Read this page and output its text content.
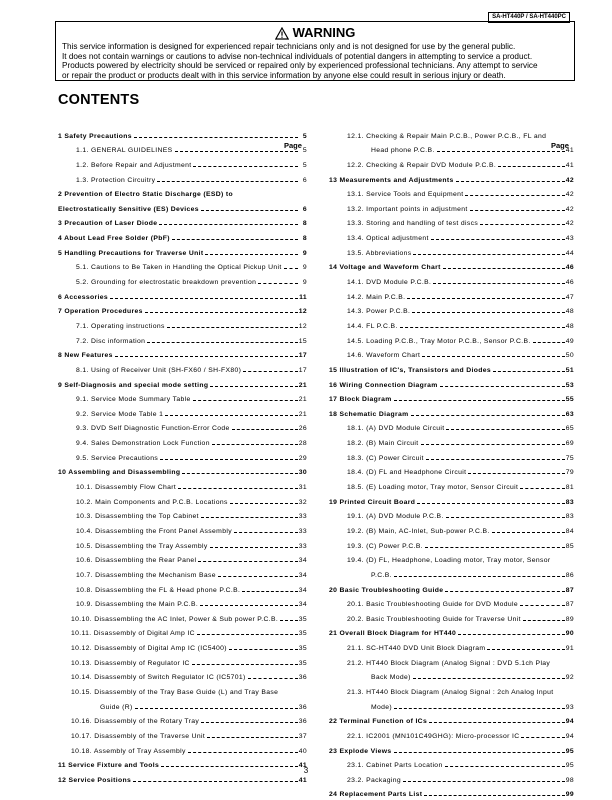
SA-HT440P / SA-HT440PC
WARNING
This service information is designed for experienced repair technicians only and is not designed for use by the general public.
It does not contain warnings or cautions to advise non-technical individuals of potential dangers in attempting to service a product.
Products powered by electricity should be serviced or repaired only by experienced professional technicians. Any attempt to service
or repair the product or products dealt with in this service information by anyone else could result in serious injury or death.
CONTENTS
Page	Page
1 Safety Precautions	5
1.1. GENERAL GUIDELINES	5
1.2. Before Repair and Adjustment	5
1.3. Protection Circuitry	6
2 Prevention of Electro Static Discharge (ESD) to
Electrostatically Sensitive (ES) Devices	6
3 Precaution of Laser Diode	8
4 About Lead Free Solder (PbF)	8
5 Handling Precautions for Traverse Unit	9
5.1. Cautions to Be Taken in Handling the Optical Pickup Unit	9
5.2. Grounding for electrostatic breakdown prevention	9
6 Accessories	11
7 Operation Procedures	12
7.1. Operating instructions	12
7.2. Disc information	15
8 New Features	17
8.1. Using of Receiver Unit (SH-FX60 / SH-FX80)	17
9 Self-Diagnosis and special mode setting	21
9.1. Service Mode Summary Table	21
9.2. Service Mode Table 1	21
9.3. DVD Self Diagnostic Function-Error Code	26
9.4. Sales Demonstration Lock Function	28
9.5. Service Precautions	29
10 Assembling and Disassembling	30
10.1. Disassembly Flow Chart	31
10.2. Main Components and P.C.B. Locations	32
10.3. Disassembling the Top Cabinet	33
10.4. Disassembling the Front Panel Assembly	33
10.5. Disassembling the Tray Assembly	33
10.6. Disassembling the Rear Panel	34
10.7. Disassembling the Mechanism Base	34
10.8. Disassembling the FL & Head phone P.C.B.	34
10.9. Disassembling the Main P.C.B.	34
10.10. Disassembling the AC Inlet, Power & Sub power P.C.B.	35
10.11. Disassembly of Digital Amp IC	35
10.12. Disassembly of Digital Amp IC (IC5400)	35
10.13. Disassembly of Regulator IC	35
10.14. Disassembly of Switch Regulator IC (IC5701)	36
10.15. Disassembly of the Tray Base Guide (L) and Tray Base
Guide (R)	36
10.16. Disassembly of the Rotary Tray	36
10.17. Disassembly of the Traverse Unit	37
10.18. Assembly of Tray Assembly	40
11 Service Fixture and Tools	41
12 Service Positions	41
12.1. Checking & Repair Main P.C.B., Power P.C.B., FL and
Head phone P.C.B.	41
12.2. Checking & Repair DVD Module P.C.B.	41
13 Measurements and Adjustments	42
13.1. Service Tools and Equipment	42
13.2. Important points in adjustment	42
13.3. Storing and handling of test discs	42
13.4. Optical adjustment	43
13.5. Abbreviations	44
14 Voltage and Waveform Chart	46
14.1. DVD Module P.C.B.	46
14.2. Main P.C.B.	47
14.3. Power P.C.B.	48
14.4. FL P.C.B.	48
14.5. Loading P.C.B., Tray Motor P.C.B., Sensor P.C.B.	49
14.6. Waveform Chart	50
15 Illustration of IC's, Transistors and Diodes	51
16 Wiring Connection Diagram	53
17 Block Diagram	55
18 Schematic Diagram	63
18.1. (A) DVD Module Circuit	65
18.2. (B) Main Circuit	69
18.3. (C) Power Circuit	75
18.4. (D) FL and Headphone Circuit	79
18.5. (E) Loading motor, Tray motor, Sensor Circuit	81
19 Printed Circuit Board	83
19.1. (A) DVD Module P.C.B.	83
19.2. (B) Main, AC-Inlet, Sub-power P.C.B.	84
19.3. (C) Power P.C.B.	85
19.4. (D) FL, Headphone, Loading motor, Tray motor, Sensor
P.C.B.	86
20 Basic Troubleshooting Guide	87
20.1. Basic Troubleshooting Guide for DVD Module	87
20.2. Basic Troubleshooting Guide for Traverse Unit	89
21 Overall Block Diagram for HT440	90
21.1. SC-HT440 DVD Unit Block Diagram	91
21.2. HT440 Block Diagram (Analog Signal : DVD 5.1ch Play
Back Mode)	92
21.3. HT440 Block Diagram (Analog Signal : 2ch Analog Input
Mode)	93
22 Terminal Function of ICs	94
22.1. IC2001 (MN101C49GHG): Micro-processor IC	94
23 Explode Views	95
23.1. Cabinet Parts Location	95
23.2. Packaging	98
24 Replacement Parts List	99
3
